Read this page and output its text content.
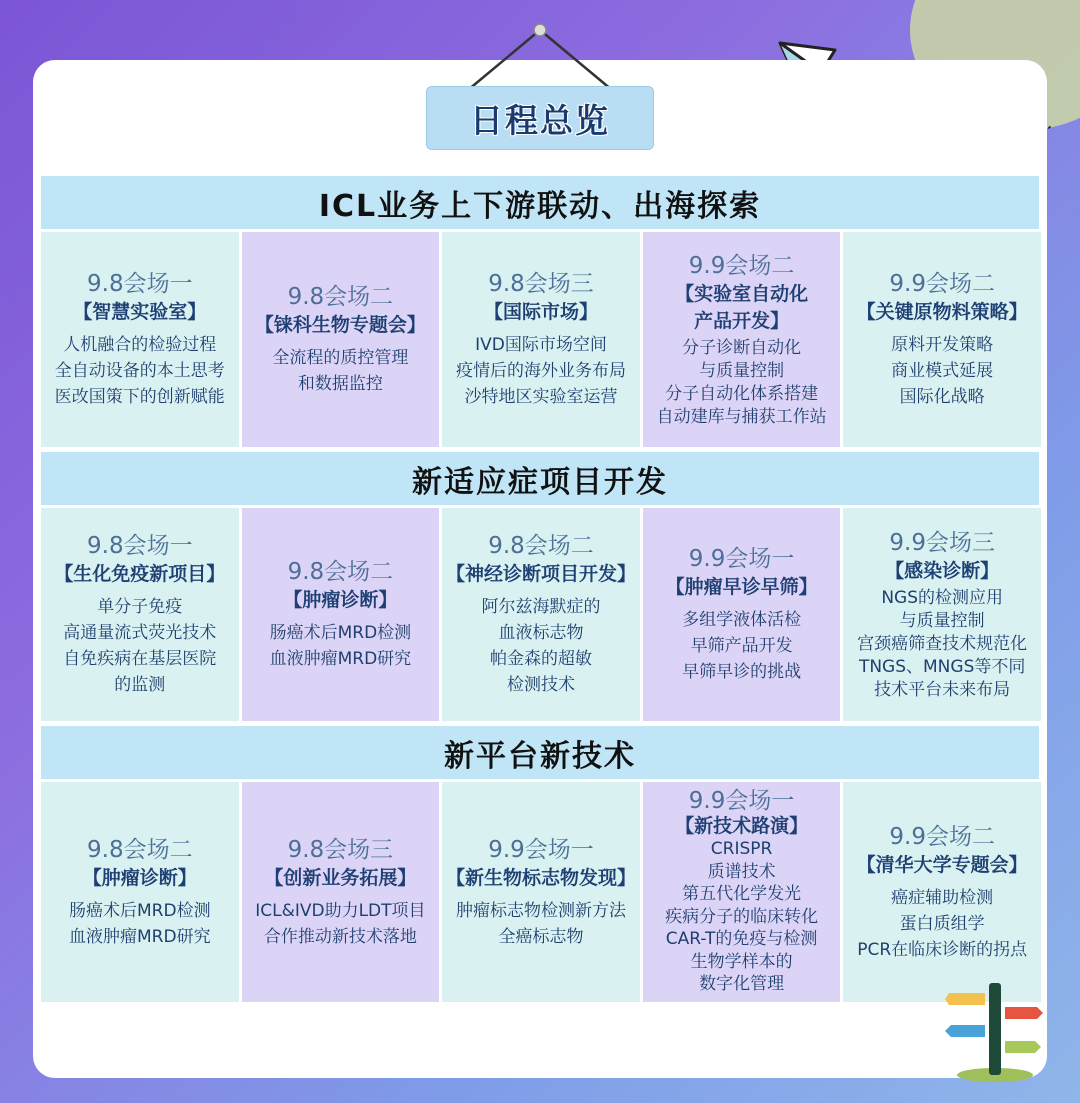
日程总览
ICL业务上下游联动、出海探索
9.8会场一
【智慧实验室】
人机融合的检验过程
全自动设备的本土思考
医改国策下的创新赋能
9.8会场二
【铼科生物专题会】
全流程的质控管理
和数据监控
9.8会场三
【国际市场】
IVD国际市场空间
疫情后的海外业务布局
沙特地区实验室运营
9.9会场二
【实验室自动化
产品开发】
分子诊断自动化
与质量控制
分子自动化体系搭建
自动建库与捕获工作站
9.9会场二
【关键原物料策略】
原料开发策略
商业模式延展
国际化战略
新适应症项目开发
9.8会场一
【生化免疫新项目】
单分子免疫
高通量流式荧光技术
自免疾病在基层医院
的监测
9.8会场二
【肿瘤诊断】
肠癌术后MRD检测
血液肿瘤MRD研究
9.8会场二
【神经诊断项目开发】
阿尔兹海默症的
血液标志物
帕金森的超敏
检测技术
9.9会场一
【肿瘤早诊早筛】
多组学液体活检
早筛产品开发
早筛早诊的挑战
9.9会场三
【感染诊断】
NGS的检测应用
与质量控制
宫颈癌筛查技术规范化
TNGS、MNGS等不同
技术平台未来布局
新平台新技术
9.8会场二
【肿瘤诊断】
肠癌术后MRD检测
血液肿瘤MRD研究
9.8会场三
【创新业务拓展】
ICL&IVD助力LDT项目
合作推动新技术落地
9.9会场一
【新生物标志物发现】
肿瘤标志物检测新方法
全癌标志物
9.9会场一
【新技术路演】
CRISPR
质谱技术
第五代化学发光
疾病分子的临床转化
CAR-T的免疫与检测
生物学样本的
数字化管理
9.9会场二
【清华大学专题会】
癌症辅助检测
蛋白质组学
PCR在临床诊断的拐点
